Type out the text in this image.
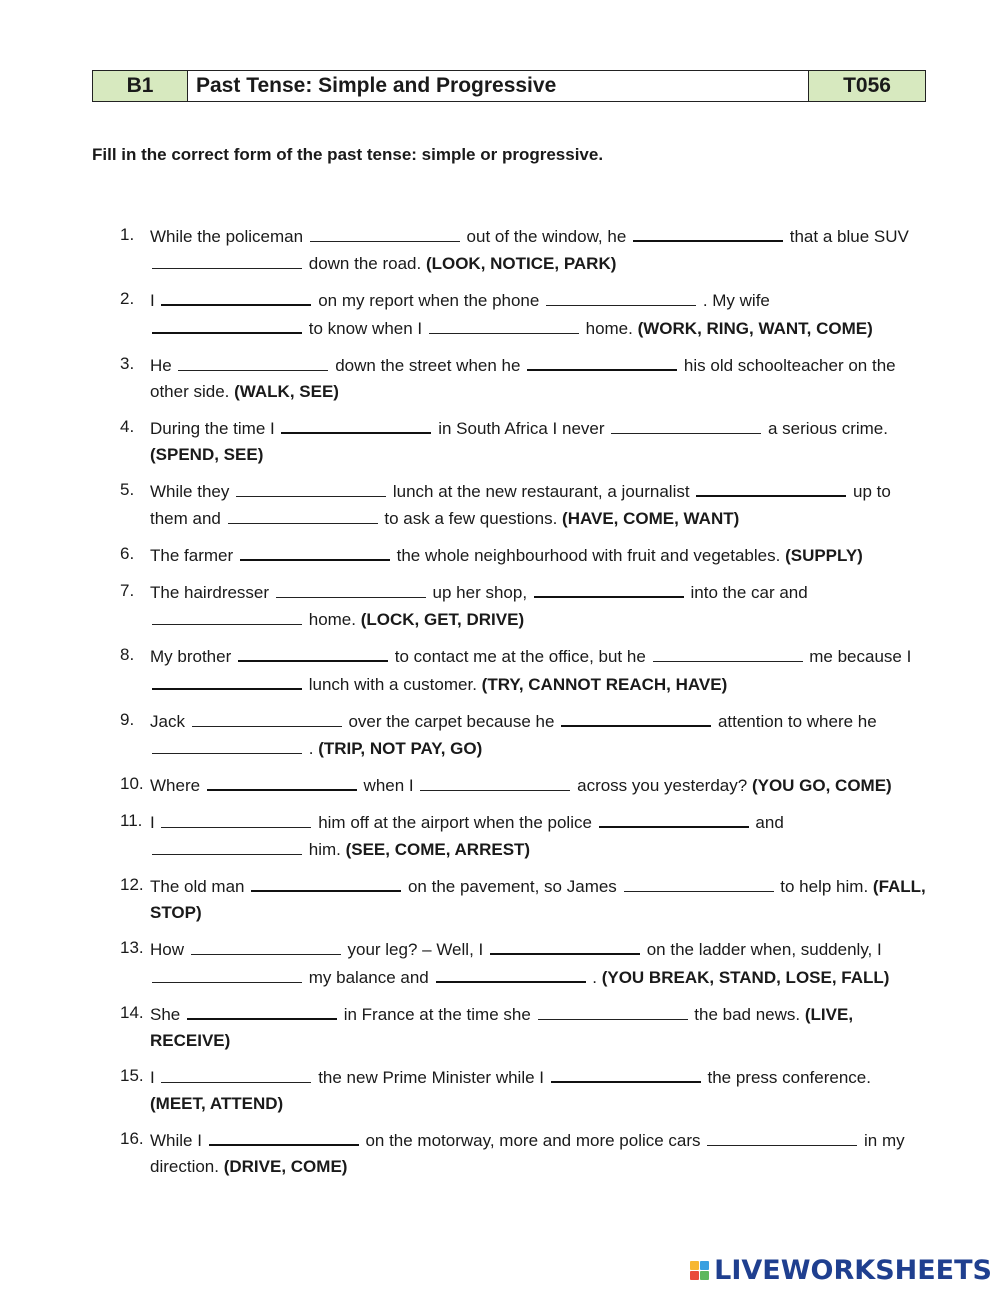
B1	Past Tense: Simple and Progressive	T056
Fill in the correct form of the past tense: simple or progressive.
1. While the policeman	out of the window, he	that a blue SUV  down the road. (LOOK, NOTICE, PARK)
2. I	on my report when the phone	. My wife  to know when I	home. (WORK, RING, WANT, COME)
3. He	down the street when he	his old schoolteacher on the other side. (WALK, SEE)
4. During the time I	in South Africa I never	a serious crime. (SPEND, SEE)
5. While they	lunch at the new restaurant, a journalist	up to them and	to ask a few questions. (HAVE, COME, WANT)
6. The farmer	the whole neighbourhood with fruit and vegetables. (SUPPLY)
7. The hairdresser	up her shop,	into the car and  home. (LOCK, GET, DRIVE)
8. My brother	to contact me at the office, but he	me because I  lunch with a customer. (TRY, CANNOT REACH, HAVE)
9. Jack	over the carpet because he	attention to where he  . (TRIP, NOT PAY, GO)
10. Where	when I	across you yesterday? (YOU GO, COME)
11. I	him off at the airport when the police	and  him. (SEE, COME, ARREST)
12. The old man	on the pavement, so James	to help him. (FALL, STOP)
13. How	your leg? – Well, I	on the ladder when, suddenly, I  my balance and	. (YOU BREAK, STAND, LOSE, FALL)
14. She	in France at the time she	the bad news. (LIVE, RECEIVE)
15. I	the new Prime Minister while I	the press conference. (MEET, ATTEND)
16. While I	on the motorway, more and more police cars	in my direction. (DRIVE, COME)
LIVEWORKSHEETS
